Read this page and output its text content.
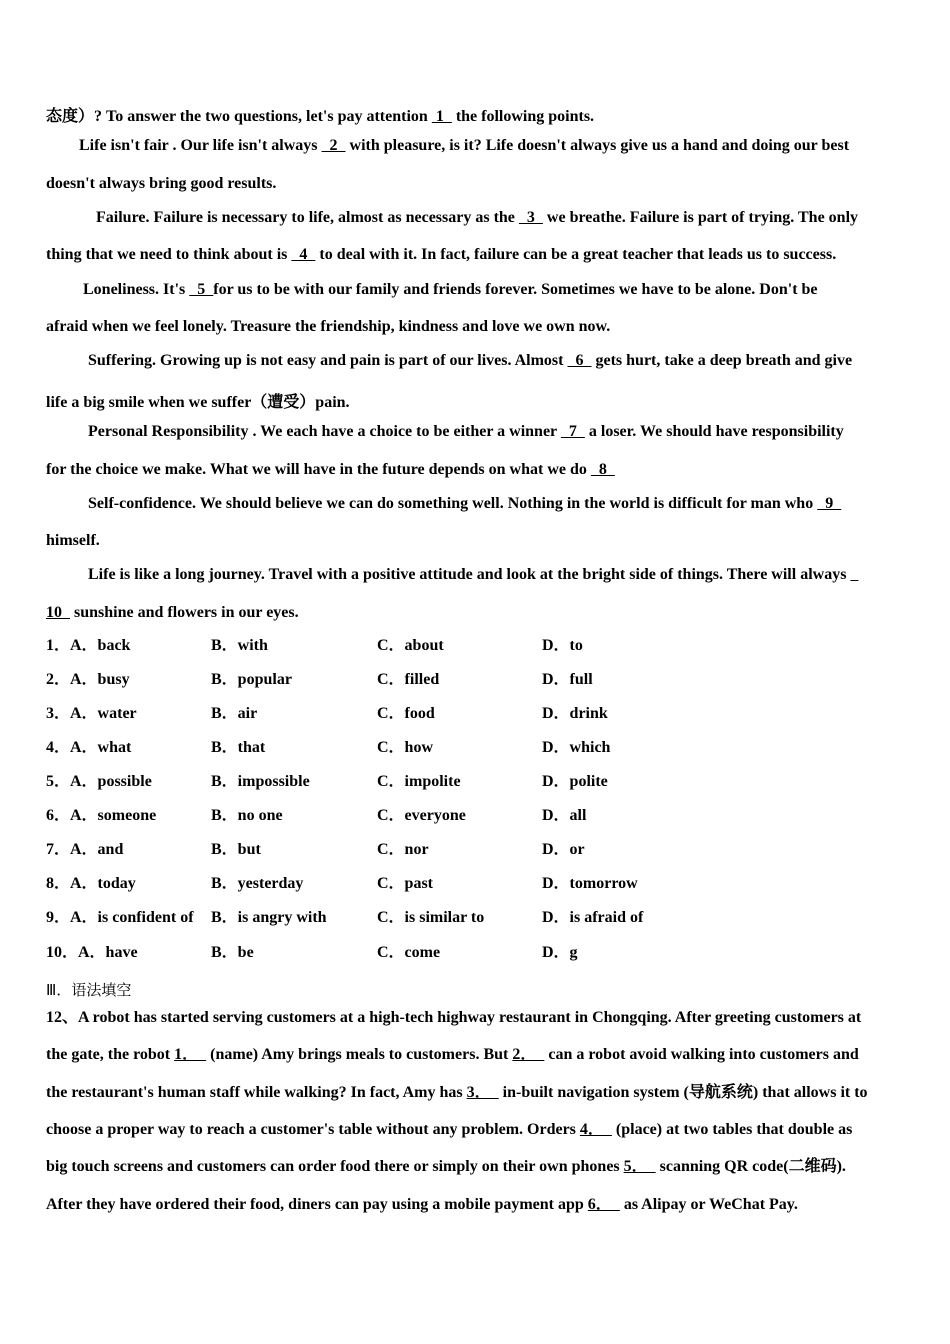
态度）? To answer the two questions, let's pay attention  1   the following points.
Life isn't fair . Our life isn't always   2   with pleasure, is it? Life doesn't always give us a hand and doing our best
doesn't always bring good results.
Failure. Failure is necessary to life, almost as necessary as the   3   we breathe. Failure is part of trying. The only
thing that we need to think about is   4   to deal with it. In fact, failure can be a great teacher that leads us to success.
Loneliness. It's   5  for us to be with our family and friends forever. Sometimes we have to be alone. Don't be
afraid when we feel lonely. Treasure the friendship, kindness and love we own now.
Suffering. Growing up is not easy and pain is part of our lives. Almost   6   gets hurt, take a deep breath and give
life a big smile when we suffer（遭受）pain.
Personal Responsibility . We each have a choice to be either a winner   7   a loser. We should have responsibility
for the choice we make. What we will have in the future depends on what we do   8
Self-confidence. We should believe we can do something well. Nothing in the world is difficult for man who   9
himself.
Life is like a long journey. Travel with a positive attitude and look at the bright side of things. There will always
10   sunshine and flowers in our eyes.
1．A．back	B．with	C．about	D．to
2．A．busy	B．popular	C．filled	D．full
3．A．water	B．air	C．food	D．drink
4．A．what	B．that	C．how	D．which
5．A．possible	B．impossible	C．impolite	D．polite
6．A．someone	B．no one	C．everyone	D．all
7．A．and	B．but	C．nor	D．or
8．A．today	B．yesterday	C．past	D．tomorrow
9．A．is confident of B．is angry with	C．is similar to	D．is afraid of
10．A．have	B．be	C．come	D．g
Ⅲ．语法填空
12、A robot has started serving customers at a high-tech highway restaurant in Chongqing. After greeting customers at
the gate, the robot 1．   (name) Amy brings meals to customers. But 2．   can a robot avoid walking into customers and
the restaurant's human staff while walking? In fact, Amy has 3．   in-built navigation system (导航系统) that allows it to
choose a proper way to reach a customer's table without any problem. Orders 4．   (place) at two tables that double as
big touch screens and customers can order food there or simply on their own phones 5．   scanning QR code(二维码).
After they have ordered their food, diners can pay using a mobile payment app 6．   as Alipay or WeChat Pay.
